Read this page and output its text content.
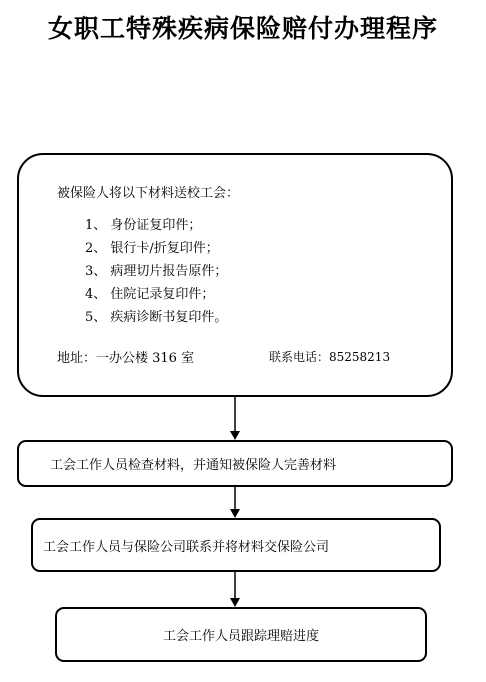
女职工特殊疾病保险赔付办理程序
被保险人将以下材料送校工会：
1、 身份证复印件；
2、 银行卡/折复印件；
3、 病理切片报告原件；
4、 住院记录复印件；
5、 疾病诊断书复印件。
地址：一办公楼 316 室	联系电话：85258213
工会工作人员检查材料，并通知被保险人完善材料
工会工作人员与保险公司联系并将材料交保险公司
工会工作人员跟踪理赔进度
